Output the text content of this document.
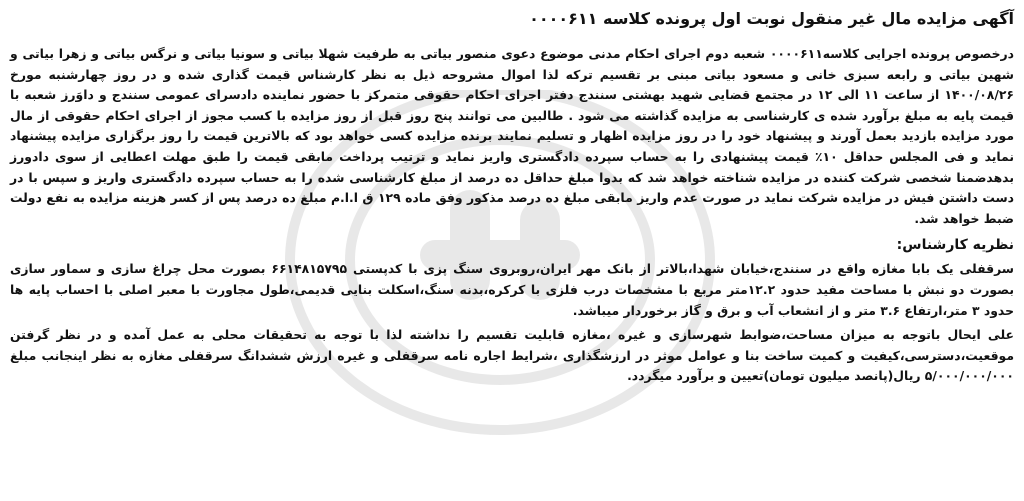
آگهی مزایده مال غیر منقول نوبت اول پرونده کلاسه ۰۰۰۰۶۱۱

درخصوص پرونده اجرایی کلاسه۰۰۰۰۶۱۱ شعبه دوم اجرای احکام مدنی موضوع دعوی منصور بیاتی به طرفیت شهلا بیاتی و سونیا بیاتی و نرگس بیاتی و زهرا بیاتی و شهین بیاتی و رابعه سبزی خانی و مسعود بیاتی مبنی بر تقسیم ترکه لذا اموال مشروحه ذیل به نظر کارشناس قیمت گذاری شده و در روز چهارشنبه مورخ ۱۴۰۰/۰۸/۲۶ از ساعت ۱۱ الی ۱۲ در مجتمع قضایی شهید بهشتی سنندج دفتر اجرای احکام حقوقی متمرکز با حضور نماینده دادسرای عمومی سنندج و داوَرز شعبه با قیمت پایه به مبلغ برآورد شده ی کارشناسی به مزایده گذاشته می شود . طالبین می توانند پنج روز قبل از روز مزایده با کسب مجوز از اجرای احکام حقوقی از مال مورد مزایده بازدید بعمل آورند و پیشنهاد خود را در روز مزایده اظهار و تسلیم نمایند برنده مزایده کسی خواهد بود که بالاترین قیمت را روز برگزاری مزایده پیشنهاد نماید و فی المجلس حداقل ۱۰٪ قیمت پیشنهادی را به حساب سپرده دادگستری واریز نماید و ترتیب پرداخت مابقی قیمت را طبق مهلت اعطایی از سوی دادورز بدهدضمنا شخصی شرکت کننده در مزایده شناخته خواهد شد که بدوا مبلغ حداقل ده درصد از مبلغ کارشناسی شده را به حساب سپرده دادگستری واریز و سپس با در دست داشتن فیش در مزایده شرکت نماید در صورت عدم واریز مابقی مبلغ ده درصد مذکور وفق ماده ۱۲۹ ق ا.ا.م مبلغ ده درصد پس از کسر هزینه مزایده به نفع دولت ضبط خواهد شد.

نظریه کارشناس:

سرقفلی یک بابا مغازه واقع در سنندج،خیابان شهدا،بالاتر از بانک مهر ایران،روبروی سنگ پزی با کدپستی ۶۶۱۴۸۱۵۷۹۵ بصورت محل چراغ سازی و سماور سازی بصورت دو نبش با مساحت مفید حدود ۱۲.۲متر مربع با مشخصات درب فلزی با کرکره،بدنه سنگ،اسکلت بنایی قدیمی،طول مجاورت با معبر اصلی با احساب پایه ها حدود ۳ متر،ارتفاع ۳.۶ متر و از انشعاب آب و برق و گاز برخوردار میباشد.

علی ایحال باتوجه به میزان مساحت،ضوابط شهرسازی و غیره ،مغازه قابلیت تقسیم را نداشته لذا با توجه به تحقیقات محلی به عمل آمده و در نظر گرفتن موقعیت،دسترسی،کیفیت و کمیت ساخت بنا و عوامل موثر در ارزشگذاری ،شرایط اجاره نامه سرقفلی و غیره ارزش ششدانگ سرقفلی مغازه به نظر اینجانب مبلغ ۵/۰۰۰/۰۰۰/۰۰۰ ریال(پانصد میلیون تومان)تعیین و برآورد میگردد.
